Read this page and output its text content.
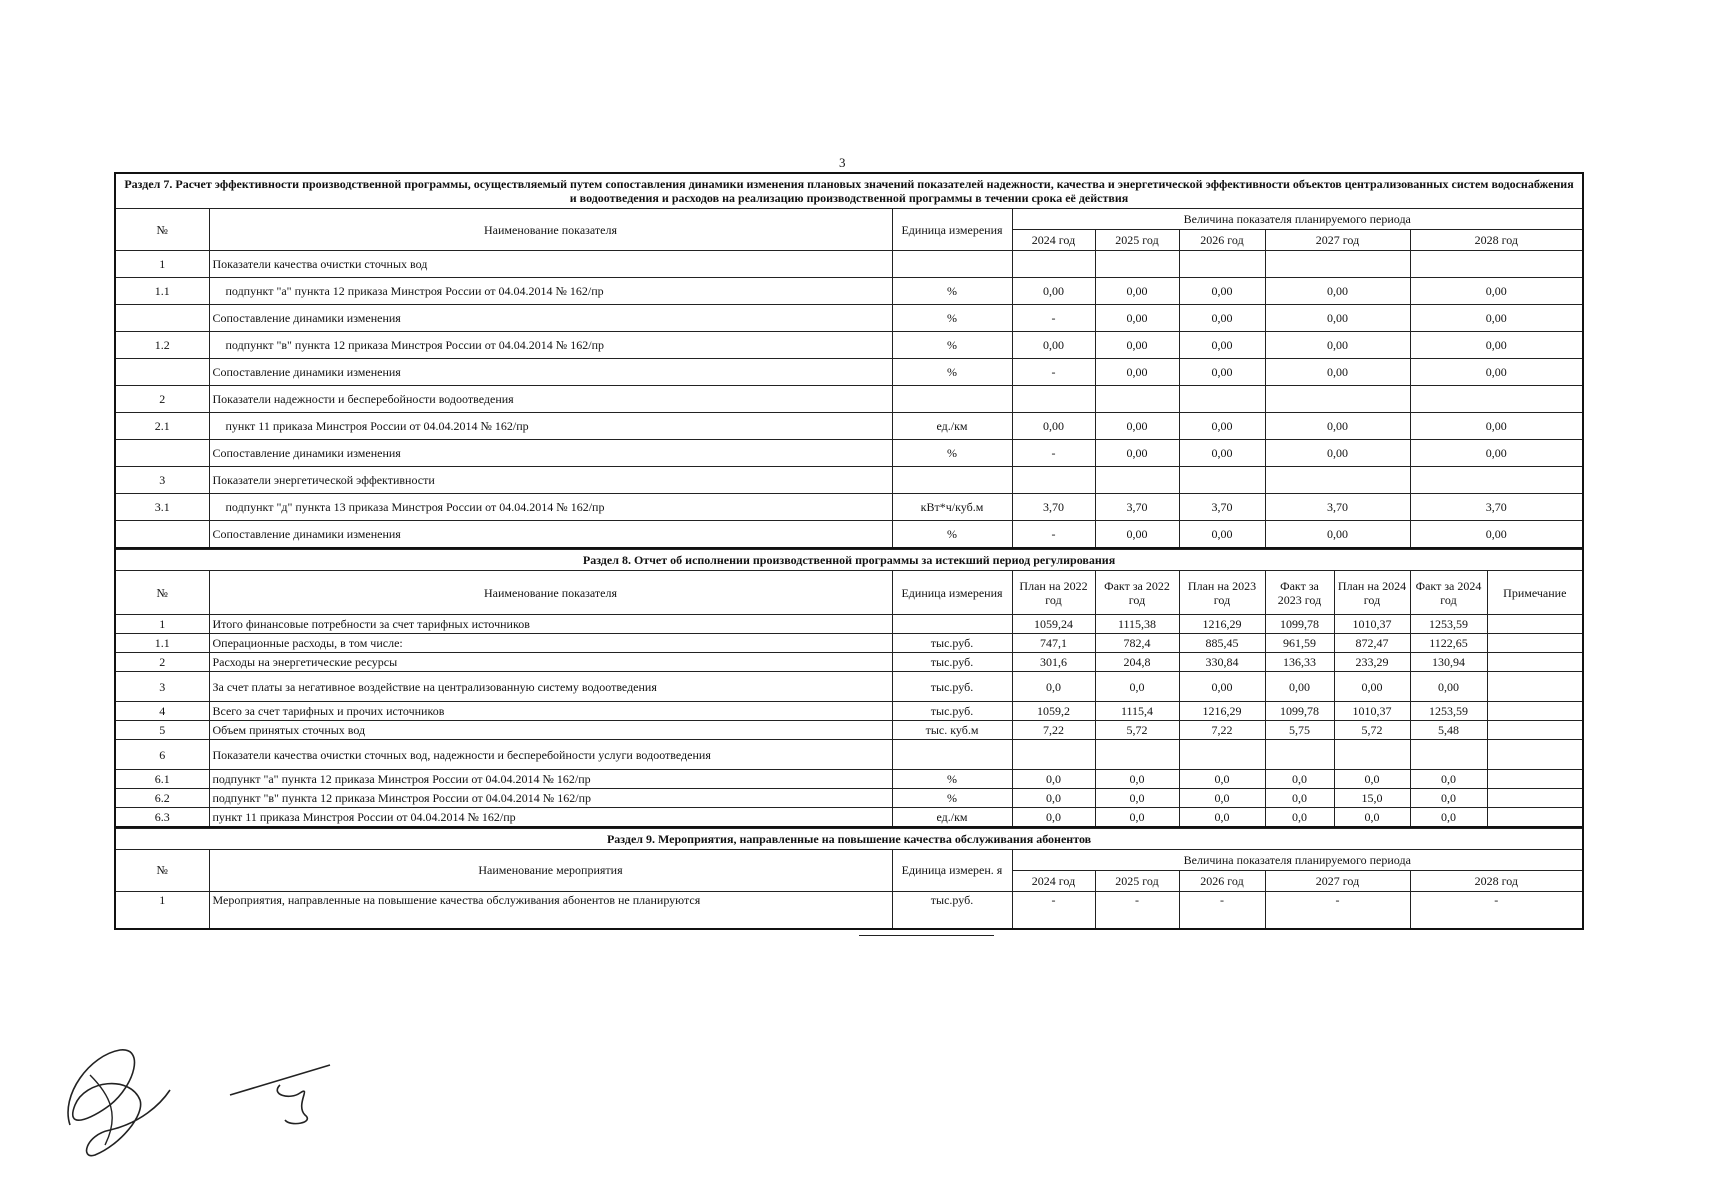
3
Раздел 7. Расчет эффективности производственной программы, осуществляемый путем сопоставления динамики изменения плановых значений показателей надежности, качества и энергетической эффективности объектов централизованных систем водоснабжения и водоотведения и расходов на реализацию производственной программы в течении срока её действия							
№	Наименование показателя	Единица измерения	Величина показателя планируемого периода				
			2024 год	2025 год	2026 год	2027 год	2028 год
1	Показатели качества очистки сточных вод						
1.1	подпункт "а" пункта 12 приказа Минстроя России от 04.04.2014 № 162/пр	%	0,00	0,00	0,00	0,00	0,00
	Сопоставление динамики изменения	%	-	0,00	0,00	0,00	0,00
1.2	подпункт "в" пункта 12 приказа Минстроя России от 04.04.2014 № 162/пр	%	0,00	0,00	0,00	0,00	0,00
	Сопоставление динамики изменения	%	-	0,00	0,00	0,00	0,00
2	Показатели надежности и бесперебойности водоотведения						
2.1	пункт 11 приказа Минстроя России от 04.04.2014 № 162/пр	ед./км	0,00	0,00	0,00	0,00	0,00
	Сопоставление динамики изменения	%	-	0,00	0,00	0,00	0,00
3	Показатели энергетической эффективности						
3.1	подпункт "д" пункта 13 приказа Минстроя России от 04.04.2014 № 162/пр	кВт*ч/куб.м	3,70	3,70	3,70	3,70	3,70
	Сопоставление динамики изменения	%	-	0,00	0,00	0,00	0,00
Раздел 8. Отчет об исполнении производственной программы за истекший период регулирования									
№	Наименование показателя	Единица измерения	План на 2022 год	Факт за 2022 год	План на 2023 год	Факт за 2023 год	План на 2024 год	Факт за 2024 год	Примечание
1	Итого финансовые потребности за счет тарифных источников		1059,24	1115,38	1216,29	1099,78	1010,37	1253,59	
1.1	Операционные расходы, в том числе:	тыс.руб.	747,1	782,4	885,45	961,59	872,47	1122,65	
2	Расходы на энергетические ресурсы	тыс.руб.	301,6	204,8	330,84	136,33	233,29	130,94	
3	За счет платы за негативное воздействие на централизованную систему водоотведения	тыс.руб.	0,0	0,0	0,00	0,00	0,00	0,00	
4	Всего за счет тарифных и прочих источников	тыс.руб.	1059,2	1115,4	1216,29	1099,78	1010,37	1253,59	
5	Объем принятых сточных вод	тыс. куб.м	7,22	5,72	7,22	5,75	5,72	5,48	
6	Показатели качества очистки сточных вод, надежности и бесперебойности услуги водоотведения								
6.1	подпункт "а" пункта 12 приказа Минстроя России от 04.04.2014 № 162/пр	%	0,0	0,0	0,0	0,0	0,0	0,0	
6.2	подпункт "в" пункта 12 приказа Минстроя России от 04.04.2014 № 162/пр	%	0,0	0,0	0,0	0,0	15,0	0,0	
6.3	пункт 11 приказа Минстроя России от 04.04.2014 № 162/пр	ед./км	0,0	0,0	0,0	0,0	0,0	0,0	
Раздел 9. Мероприятия, направленные на повышение качества обслуживания абонентов							
№	Наименование мероприятия	Единица измерен. я	Величина показателя планируемого периода				
			2024 год	2025 год	2026 год	2027 год	2028 год
1	Мероприятия, направленные на повышение качества обслуживания абонентов не планируются	тыс.руб.	-	-	-	-	-
